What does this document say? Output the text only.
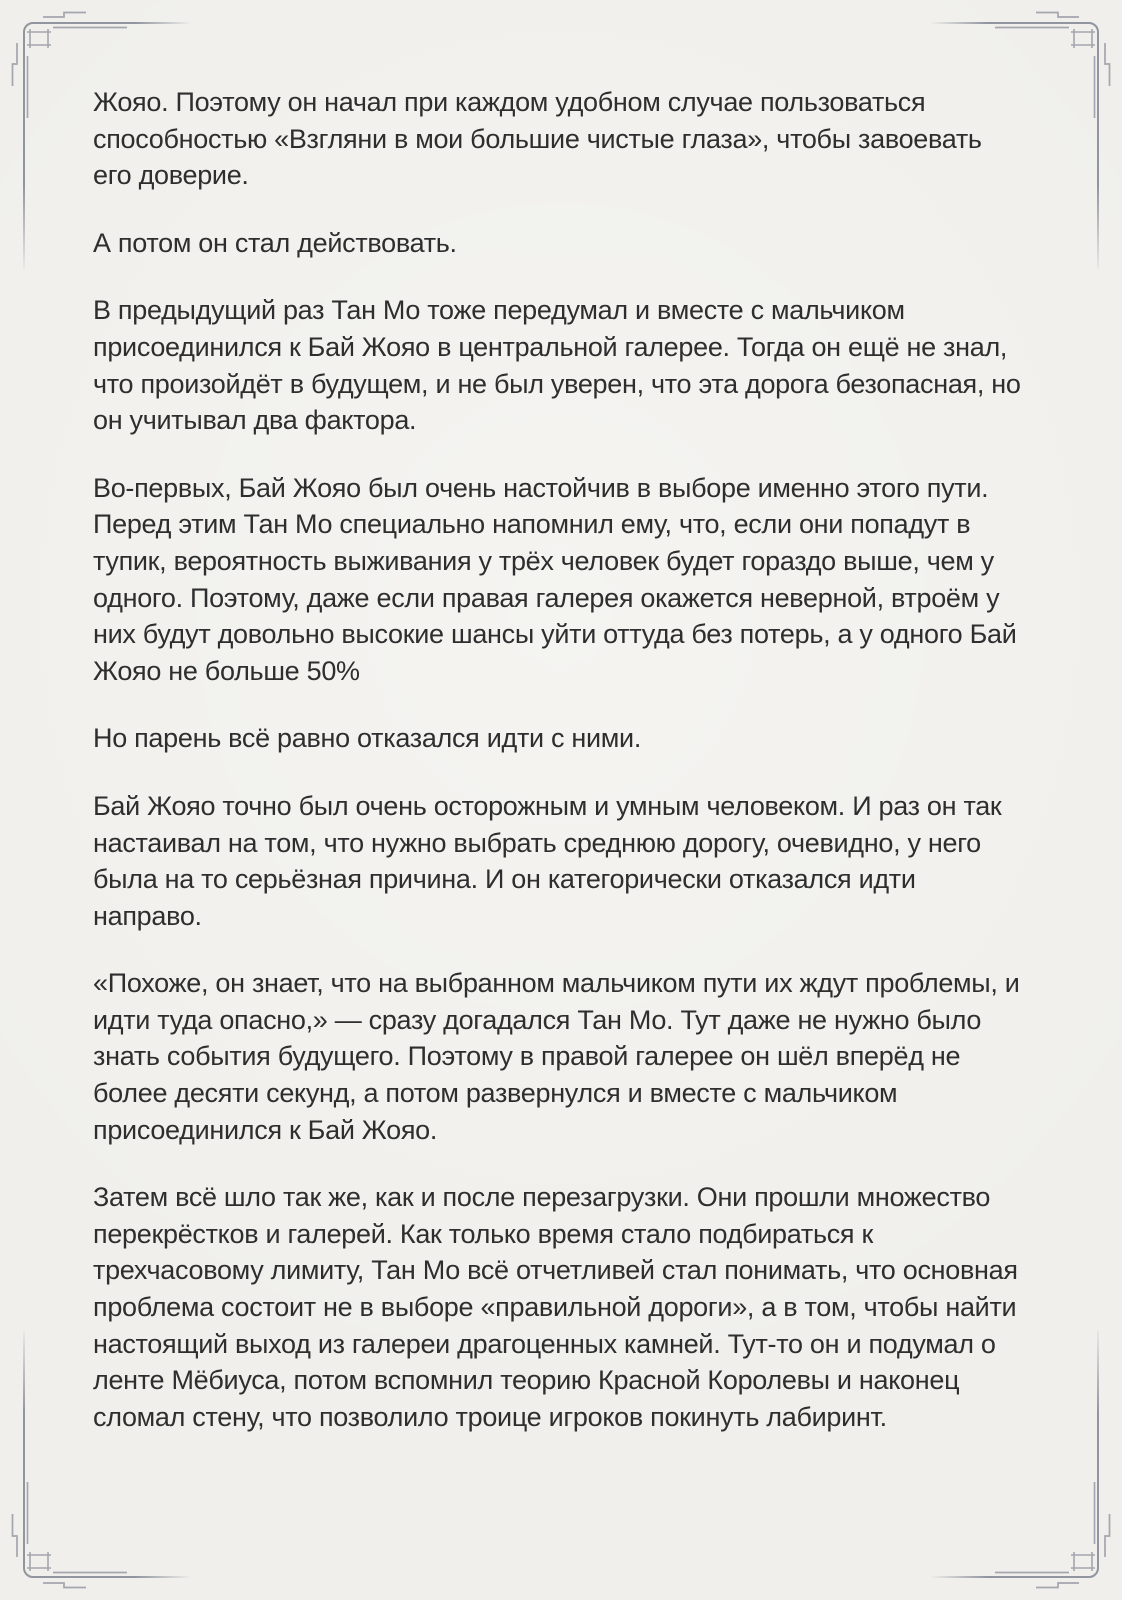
Жояо. Поэтому он начал при каждом удобном случае пользоваться способностью «Взгляни в мои большие чистые глаза», чтобы завоевать его доверие.

А потом он стал действовать.

В предыдущий раз Тан Мо тоже передумал и вместе с мальчиком присоединился к Бай Жояо в центральной галерее. Тогда он ещё не знал, что произойдёт в будущем, и не был уверен, что эта дорога безопасная, но он учитывал два фактора.

Во-первых, Бай Жояо был очень настойчив в выборе именно этого пути. Перед этим Тан Мо специально напомнил ему, что, если они попадут в тупик, вероятность выживания у трёх человек будет гораздо выше, чем у одного. Поэтому, даже если правая галерея окажется неверной, втроём у них будут довольно высокие шансы уйти оттуда без потерь, а у одного Бай Жояо не больше 50%

Но парень всё равно отказался идти с ними.

Бай Жояо точно был очень осторожным и умным человеком. И раз он так настаивал на том, что нужно выбрать среднюю дорогу, очевидно, у него была на то серьёзная причина. И он категорически отказался идти направо.

«Похоже, он знает, что на выбранном мальчиком пути их ждут проблемы, и идти туда опасно,» — сразу догадался Тан Мо. Тут даже не нужно было знать события будущего. Поэтому в правой галерее он шёл вперёд не более десяти секунд, а потом развернулся и вместе с мальчиком присоединился к Бай Жояо.

Затем всё шло так же, как и после перезагрузки. Они прошли множество перекрёстков и галерей. Как только время стало подбираться к трехчасовому лимиту, Тан Мо всё отчетливей стал понимать, что основная проблема состоит не в выборе «правильной дороги», а в том, чтобы найти настоящий выход из галереи драгоценных камней. Тут-то он и подумал о ленте Мёбиуса, потом вспомнил теорию Красной Королевы и наконец сломал стену, что позволило троице игроков покинуть лабиринт.
